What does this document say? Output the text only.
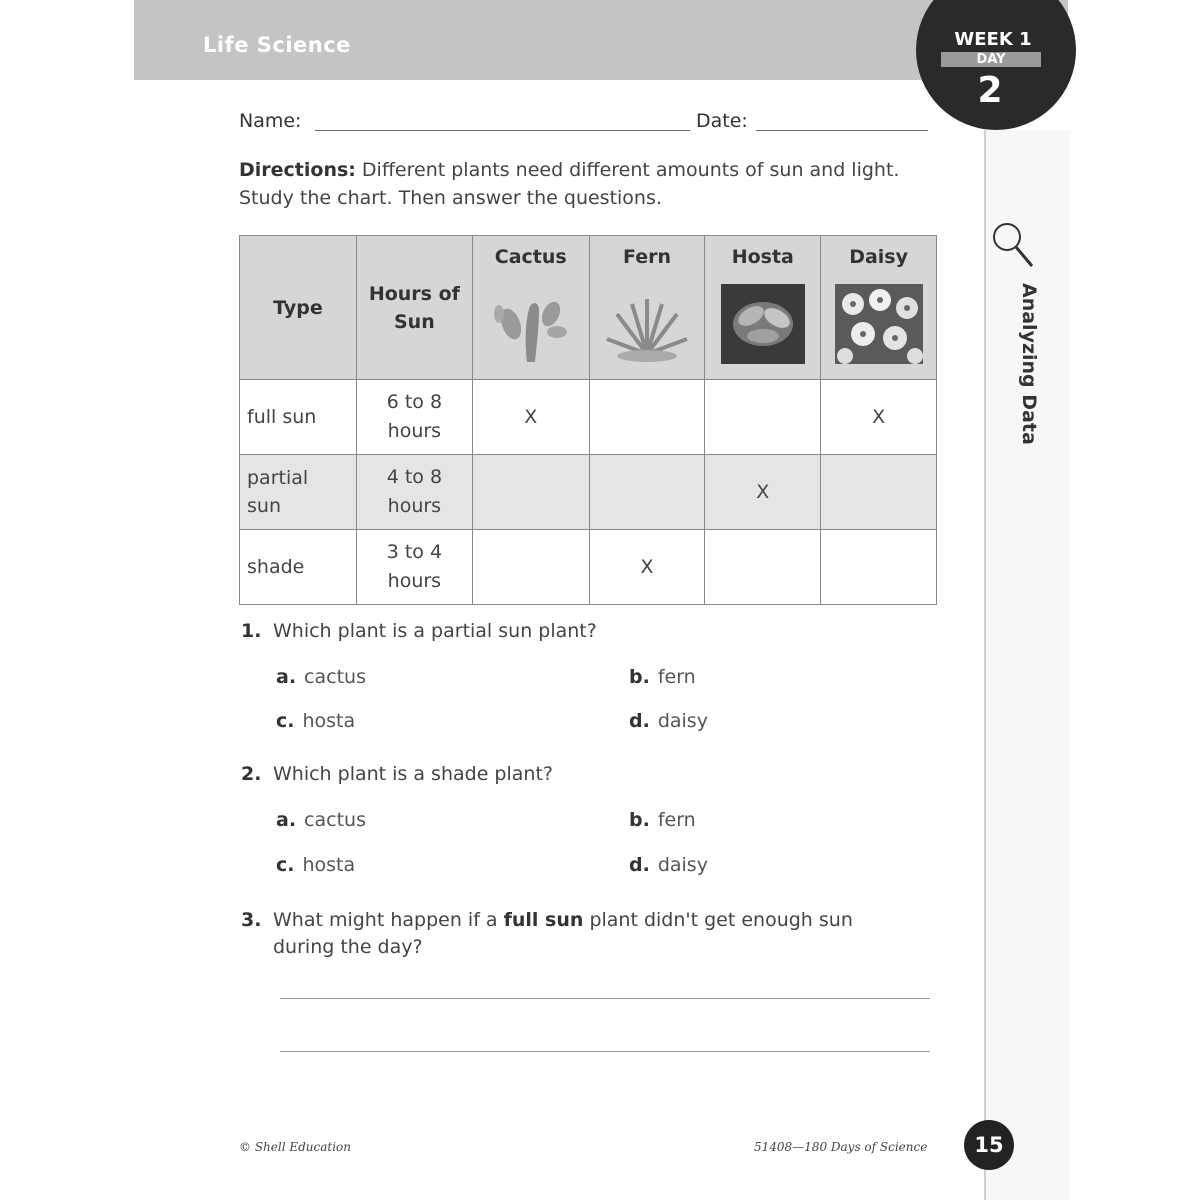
Life Science	WEEK 1
DAY
2
Analyzing Data
Name:	Date:
Directions: Different plants need different amounts of sun and light. Study the chart. Then answer the questions.
Type	Hours of Sun	Cactus	Fern	Hosta	Daisy

full sun	6 to 8 hours	X			X

partial sun	4 to 8 hours			X	
shade	3 to 4 hours		X		
1. Which plant is a partial sun plant?
a. cactus	b. fern
c. hosta	d. daisy
2. Which plant is a shade plant?
a. cactus	b. fern
c. hosta	d. daisy
3. What might happen if a full sun plant didn't get enough sun during the day?
© Shell Education	51408—180 Days of Science	15
